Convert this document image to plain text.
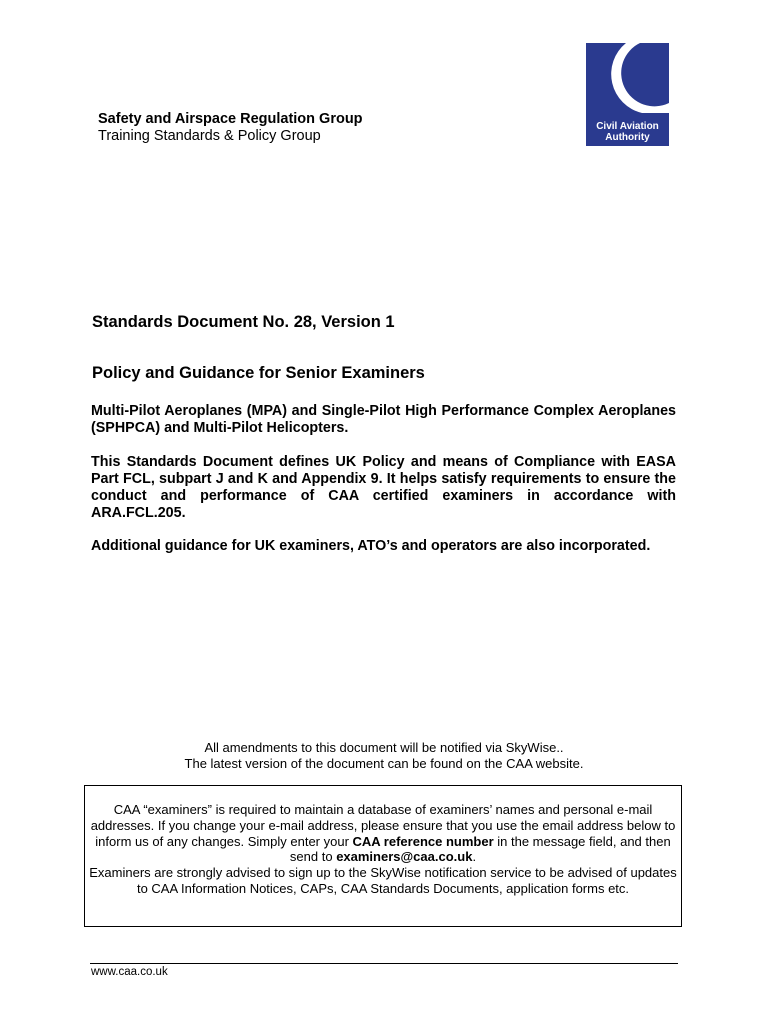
Safety and Airspace Regulation Group
Training Standards & Policy Group
Civil Aviation
Authority
Standards Document No. 28, Version 1
Policy and Guidance for Senior Examiners
Multi-Pilot Aeroplanes (MPA) and Single-Pilot High Performance Complex Aeroplanes (SPHPCA) and Multi-Pilot Helicopters.
This Standards Document defines UK Policy and means of Compliance with EASA Part FCL, subpart J and K and Appendix 9. It helps satisfy requirements to ensure the conduct and performance of CAA certified examiners in accordance with ARA.FCL.205.
Additional guidance for UK examiners, ATO’s and operators are also incorporated.
All amendments to this document will be notified via SkyWise..
The latest version of the document can be found on the CAA website.
CAA “examiners” is required to maintain a database of examiners’ names and personal e-mail addresses. If you change your e-mail address, please ensure that you use the email address below to inform us of any changes. Simply enter your CAA reference number in the message field, and then send to examiners@caa.co.uk.
Examiners are strongly advised to sign up to the SkyWise notification service to be advised of updates to CAA Information Notices, CAPs, CAA Standards Documents, application forms etc.
www.caa.co.uk
